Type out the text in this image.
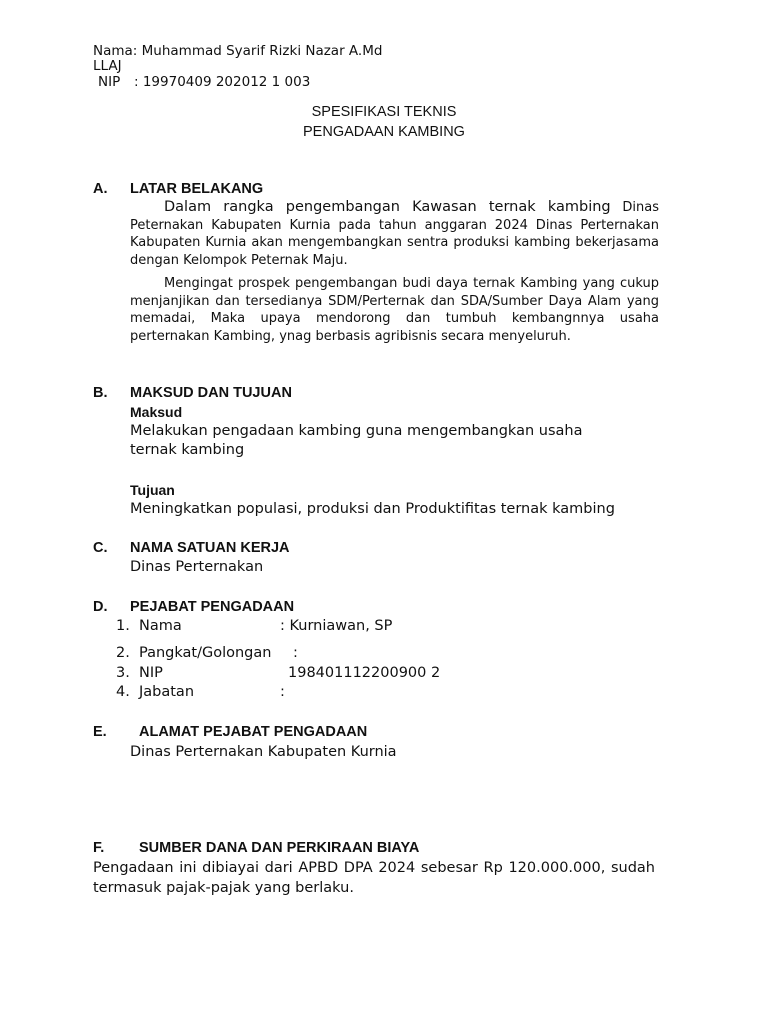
Nama: Muhammad Syarif Rizki Nazar A.Md
LLAJ
NIP : 19970409 202012 1 003
SPESIFIKASI TEKNIS
PENGADAAN KAMBING
A. LATAR BELAKANG

Dalam rangka pengembangan Kawasan ternak kambing Dinas Peternakan Kabupaten Kurnia pada tahun anggaran 2024 Dinas Perternakan Kabupaten Kurnia akan mengembangkan sentra produksi kambing bekerjasama dengan Kelompok Peternak Maju.

Mengingat prospek pengembangan budi daya ternak Kambing yang cukup menjanjikan dan tersedianya SDM/Perternak dan SDA/Sumber Daya Alam yang memadai, Maka upaya mendorong dan tumbuh kembangnnya usaha perternakan Kambing, ynag berbasis agribisnis secara menyeluruh.

B. MAKSUD DAN TUJUAN
Maksud
Melakukan pengadaan kambing guna mengembangkan usaha
ternak kambing
Tujuan
Meningkatkan populasi, produksi dan Produktifitas ternak kambing
C. NAMA SATUAN KERJA
Dinas Perternakan
D. PEJABAT PENGADAAN
1. Nama	: Kurniawan, SP
2. Pangkat/Golongan :
3. NIP	198401112200900 2
4. Jabatan	:
E. ALAMAT PEJABAT PENGADAAN
Dinas Perternakan Kabupaten Kurnia
F. SUMBER DANA DAN PERKIRAAN BIAYA

Pengadaan ini dibiayai dari APBD DPA 2024 sebesar Rp 120.000.000, sudah termasuk pajak-pajak yang berlaku.
